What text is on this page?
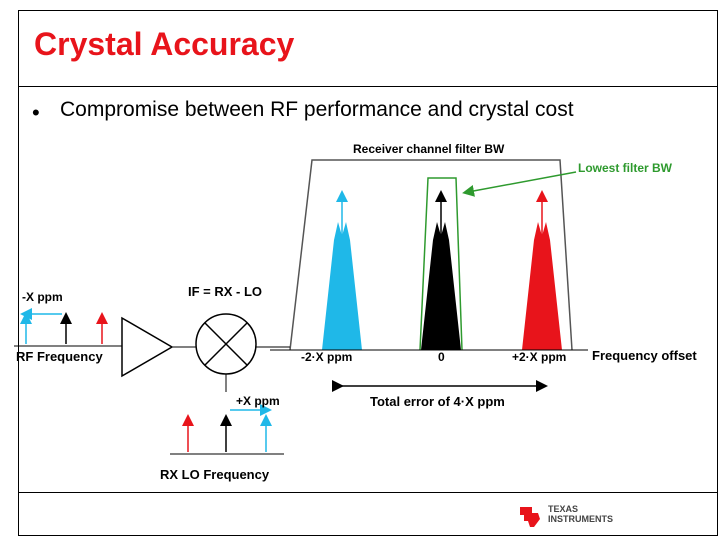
Crystal Accuracy
• Compromise between RF performance and crystal cost
Receiver channel filter BW
Lowest filter BW
IF = RX - LO
-X ppm
RF Frequency	-2·X ppm	0	+2·X ppm Frequency offset
+X ppm	Total error of 4·X ppm
RX LO Frequency
TEXAS
INSTRUMENTS
